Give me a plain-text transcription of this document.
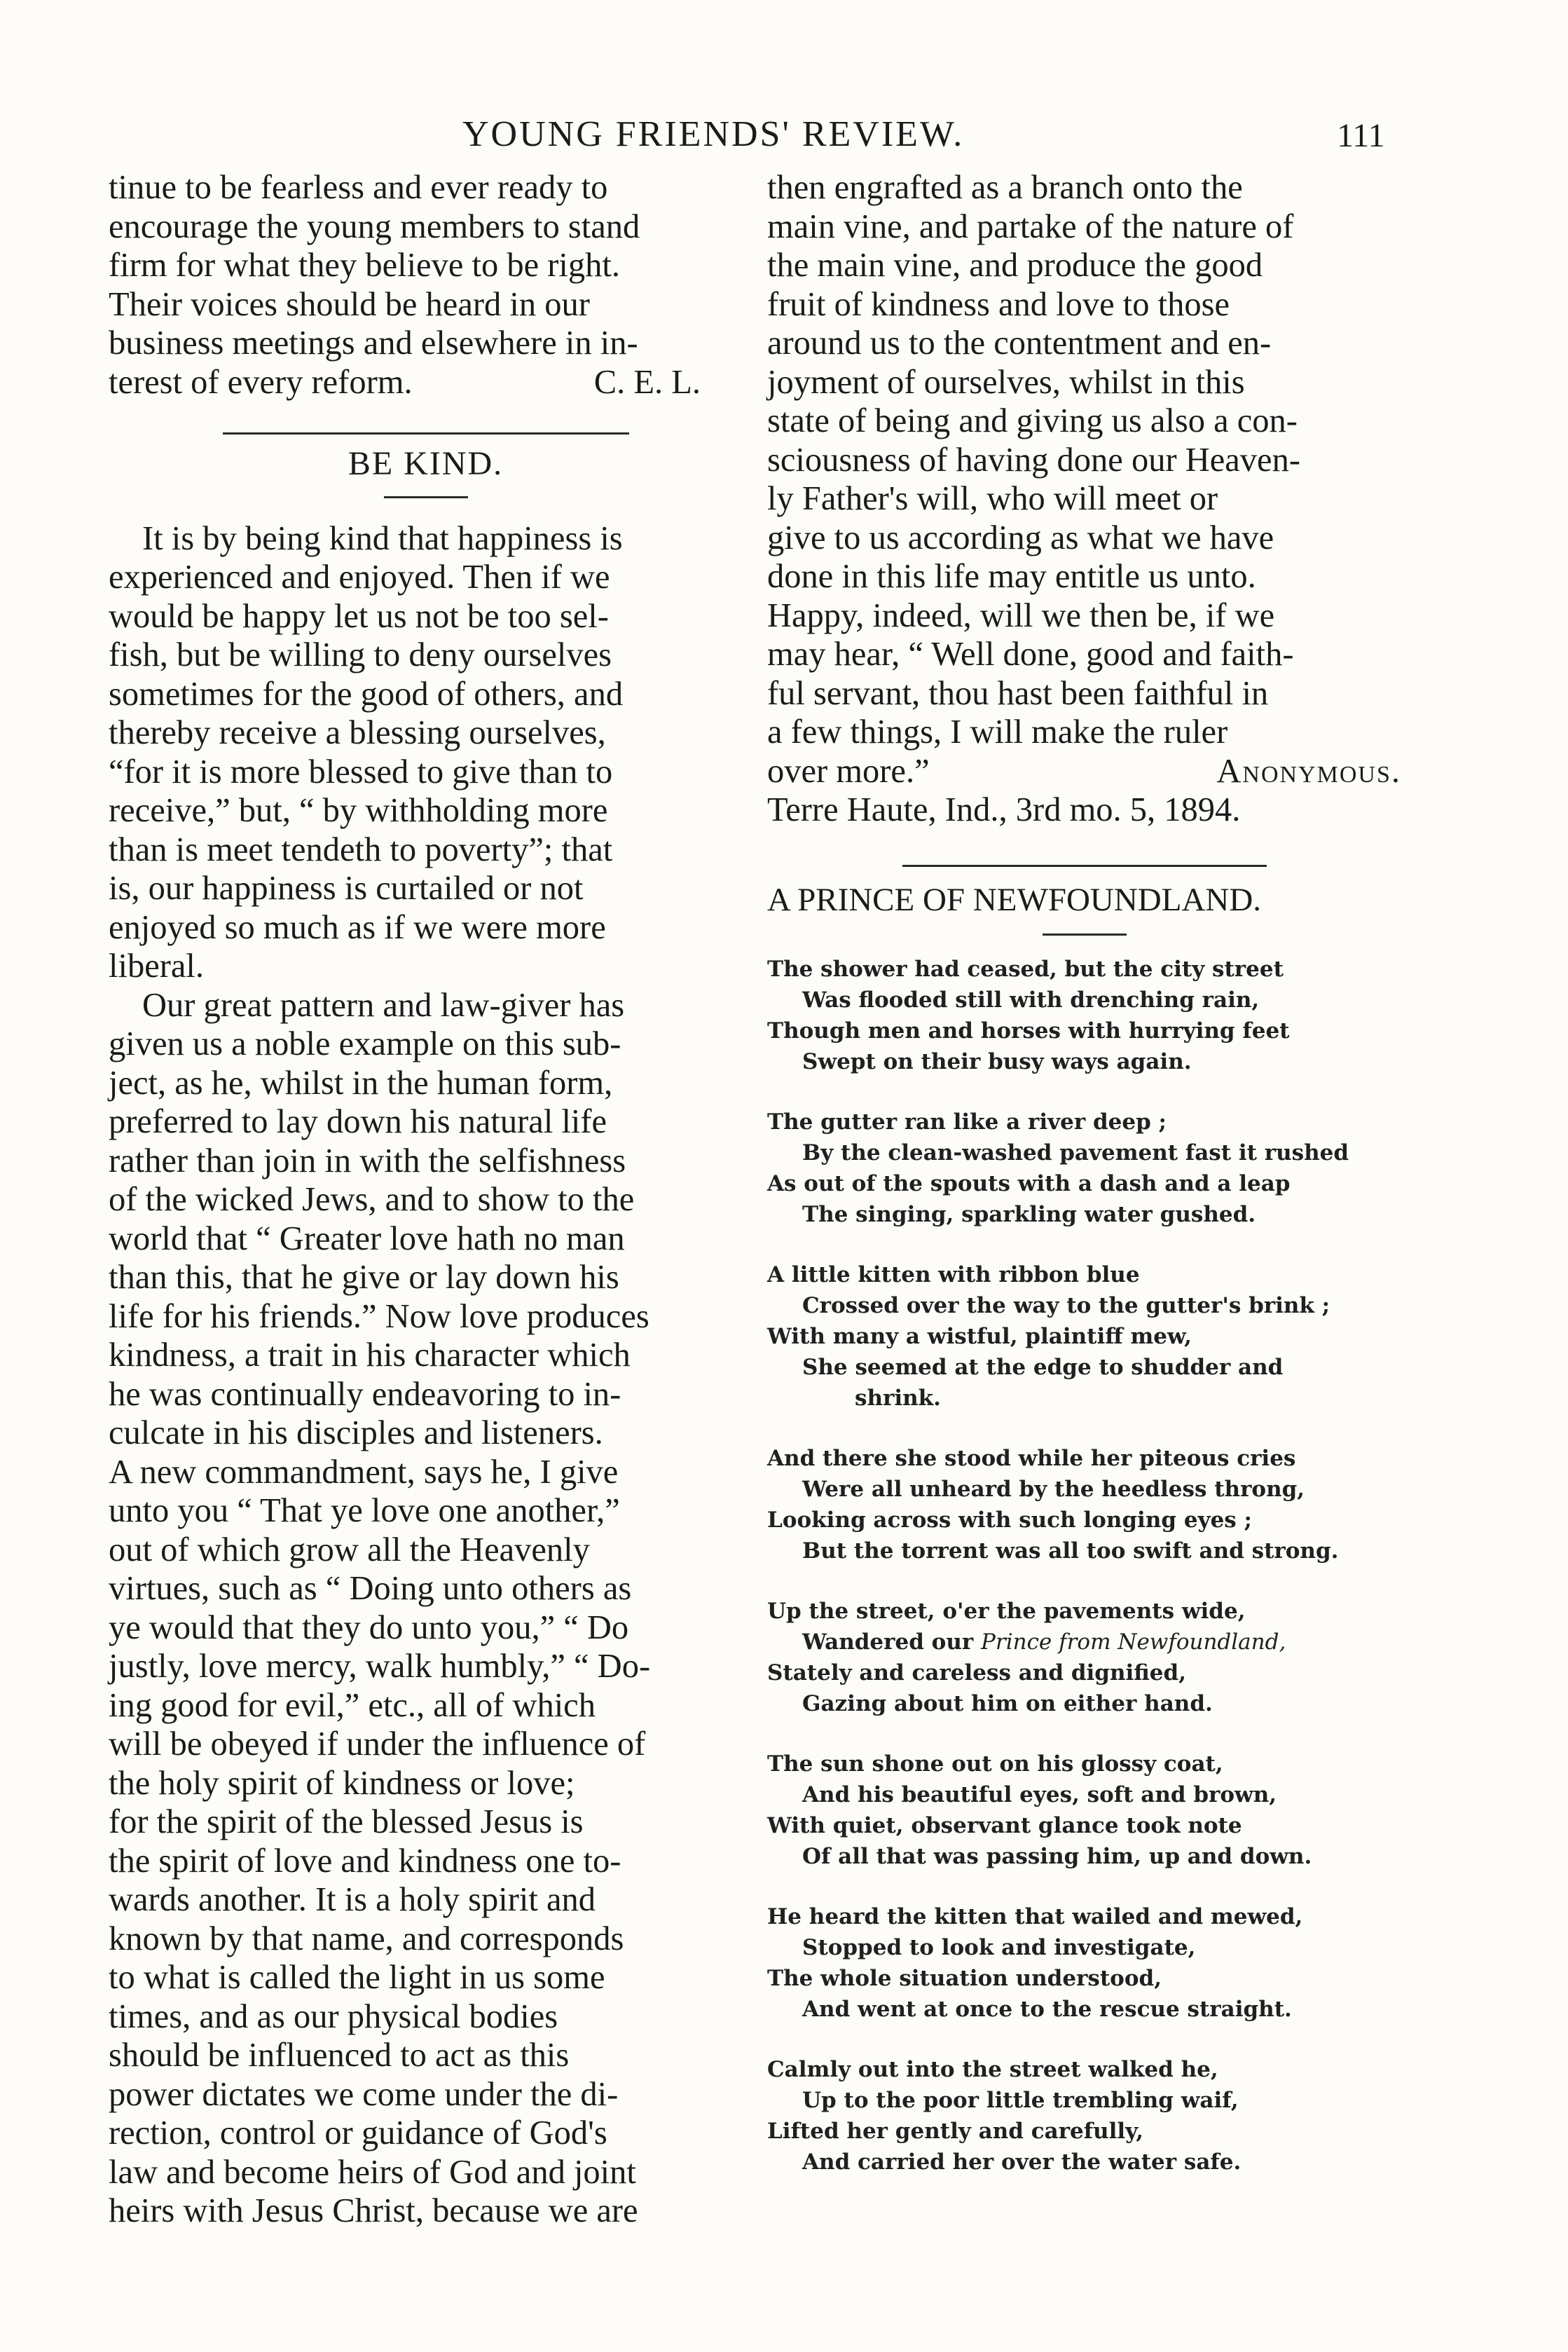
YOUNG FRIENDS' REVIEW.	111

tinue to be fearless and ever ready to

encourage the young members to stand

firm for what they believe to be right.

Their voices should be heard in our

business meetings and elsewhere in in-

terest of every reform.	C. E. L.
BE KIND.

It is by being kind that happiness is

experienced and enjoyed. Then if we

would be happy let us not be too sel-

fish, but be willing to deny ourselves

sometimes for the good of others, and

thereby receive a blessing ourselves,

“for it is more blessed to give than to

receive,” but, “ by withholding more

than is meet tendeth to poverty”; that

is, our happiness is curtailed or not

enjoyed so much as if we were more

liberal.

Our great pattern and law-giver has

given us a noble example on this sub-

ject, as he, whilst in the human form,

preferred to lay down his natural life

rather than join in with the selfishness

of the wicked Jews, and to show to the

world that “ Greater love hath no man

than this, that he give or lay down his

life for his friends.” Now love produces

kindness, a trait in his character which

he was continually endeavoring to in-

culcate in his disciples and listeners.

A new commandment, says he, I give

unto you “ That ye love one another,”

out of which grow all the Heavenly

virtues, such as “ Doing unto others as

ye would that they do unto you,” “ Do

justly, love mercy, walk humbly,” “ Do-

ing good for evil,” etc., all of which

will be obeyed if under the influence of

the holy spirit of kindness or love;

for the spirit of the blessed Jesus is

the spirit of love and kindness one to-

wards another. It is a holy spirit and

known by that name, and corresponds

to what is called the light in us some

times, and as our physical bodies

should be influenced to act as this

power dictates we come under the di-

rection, control or guidance of God's

law and become heirs of God and joint

heirs with Jesus Christ, because we are

then engrafted as a branch onto the

main vine, and partake of the nature of

the main vine, and produce the good

fruit of kindness and love to those

around us to the contentment and en-

joyment of ourselves, whilst in this

state of being and giving us also a con-

sciousness of having done our Heaven-

ly Father's will, who will meet or

give to us according as what we have

done in this life may entitle us unto.

Happy, indeed, will we then be, if we

may hear, “ Well done, good and faith-

ful servant, thou hast been faithful in

a few things, I will make the ruler

over more.”	Anonymous.

Terre Haute, Ind., 3rd mo. 5, 1894.

A PRINCE OF NEWFOUNDLAND.
The shower had ceased, but the city street
Was flooded still with drenching rain,
Though men and horses with hurrying feet
Swept on their busy ways again.
The gutter ran like a river deep ;
By the clean-washed pavement fast it rushed
As out of the spouts with a dash and a leap
The singing, sparkling water gushed.
A little kitten with ribbon blue
Crossed over the way to the gutter's brink ;
With many a wistful, plaintiff mew,
She seemed at the edge to shudder and
shrink.
And there she stood while her piteous cries
Were all unheard by the heedless throng,
Looking across with such longing eyes ;
But the torrent was all too swift and strong.
Up the street, o'er the pavements wide,
Wandered our Prince from Newfoundland,
Stately and careless and dignified,
Gazing about him on either hand.
The sun shone out on his glossy coat,
And his beautiful eyes, soft and brown,
With quiet, observant glance took note
Of all that was passing him, up and down.
He heard the kitten that wailed and mewed,
Stopped to look and investigate,
The whole situation understood,
And went at once to the rescue straight.
Calmly out into the street walked he,
Up to the poor little trembling waif,
Lifted her gently and carefully,
And carried her over the water safe.
